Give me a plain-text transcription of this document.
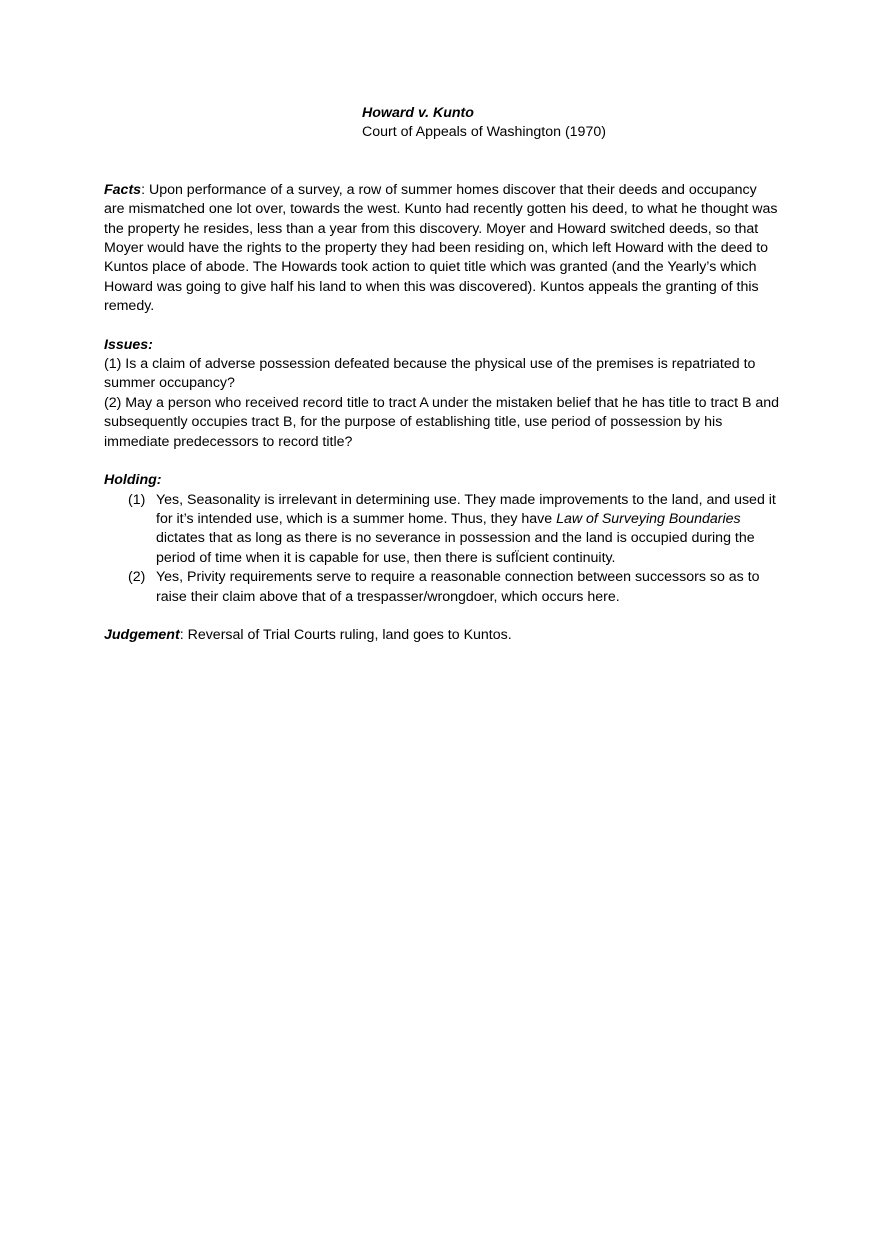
Howard v. Kunto
Court of Appeals of Washington (1970)

Facts: Upon performance of a survey, a row of summer homes discover that their deeds and occupancy are mismatched one lot over, towards the west. Kunto had recently gotten his deed, to what he thought was the property he resides, less than a year from this discovery. Moyer and Howard switched deeds, so that Moyer would have the rights to the property they had been residing on, which left Howard with the deed to Kuntos place of abode. The Howards took action to quiet title which was granted (and the Yearly’s which Howard was going to give half his land to when this was discovered). Kuntos appeals the granting of this remedy.

Issues:

(1) Is a claim of adverse possession defeated because the physical use of the premises is repatriated to summer occupancy?

(2) May a person who received record title to tract A under the mistaken belief that he has title to tract B and subsequently occupies tract B, for the purpose of establishing title, use period of possession by his immediate predecessors to record title?

Holding:

(1) Yes, Seasonality is irrelevant in determining use. They made improvements to the land, and used it for it’s intended use, which is a summer home. Thus, they have Law of Surveying Boundaries dictates that as long as there is no severance in possession and the land is occupied during the period of time when it is capable for use, then there is sufÏcient continuity.
(2) Yes, Privity requirements serve to require a reasonable connection between successors so as to raise their claim above that of a trespasser/wrongdoer, which occurs here.

Judgement: Reversal of Trial Courts ruling, land goes to Kuntos.
